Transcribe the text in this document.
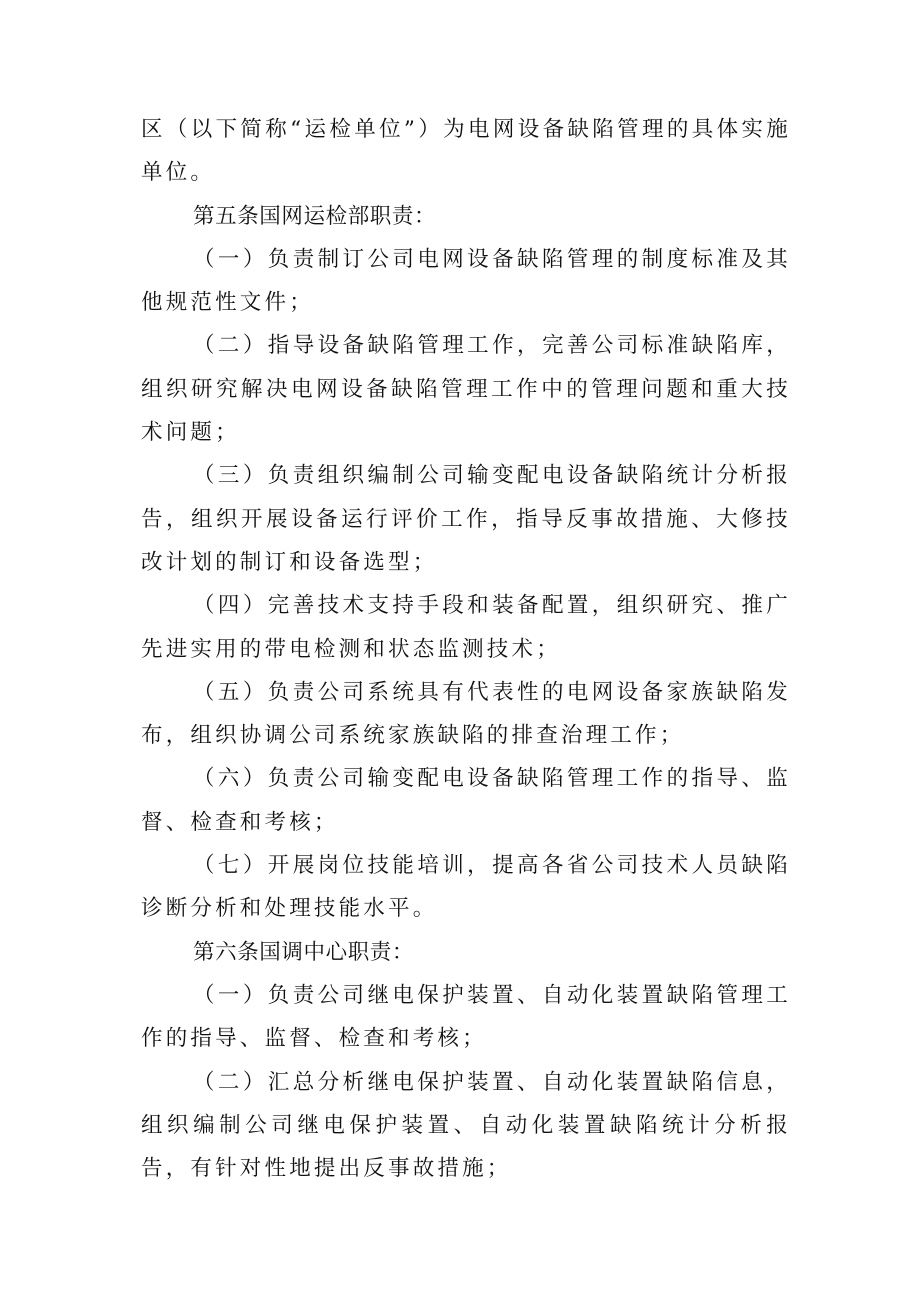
区（以下简称“运检单位”）为电网设备缺陷管理的具体实施单位。

第五条国网运检部职责：

（一）负责制订公司电网设备缺陷管理的制度标准及其他规范性文件；

（二）指导设备缺陷管理工作，完善公司标准缺陷库，组织研究解决电网设备缺陷管理工作中的管理问题和重大技术问题；

（三）负责组织编制公司输变配电设备缺陷统计分析报告，组织开展设备运行评价工作，指导反事故措施、大修技改计划的制订和设备选型；

（四）完善技术支持手段和装备配置，组织研究、推广先进实用的带电检测和状态监测技术；

（五）负责公司系统具有代表性的电网设备家族缺陷发布，组织协调公司系统家族缺陷的排查治理工作；

（六）负责公司输变配电设备缺陷管理工作的指导、监督、检查和考核；

（七）开展岗位技能培训，提高各省公司技术人员缺陷诊断分析和处理技能水平。

第六条国调中心职责：

（一）负责公司继电保护装置、自动化装置缺陷管理工作的指导、监督、检查和考核；

（二）汇总分析继电保护装置、自动化装置缺陷信息，组织编制公司继电保护装置、自动化装置缺陷统计分析报告，有针对性地提出反事故措施；
